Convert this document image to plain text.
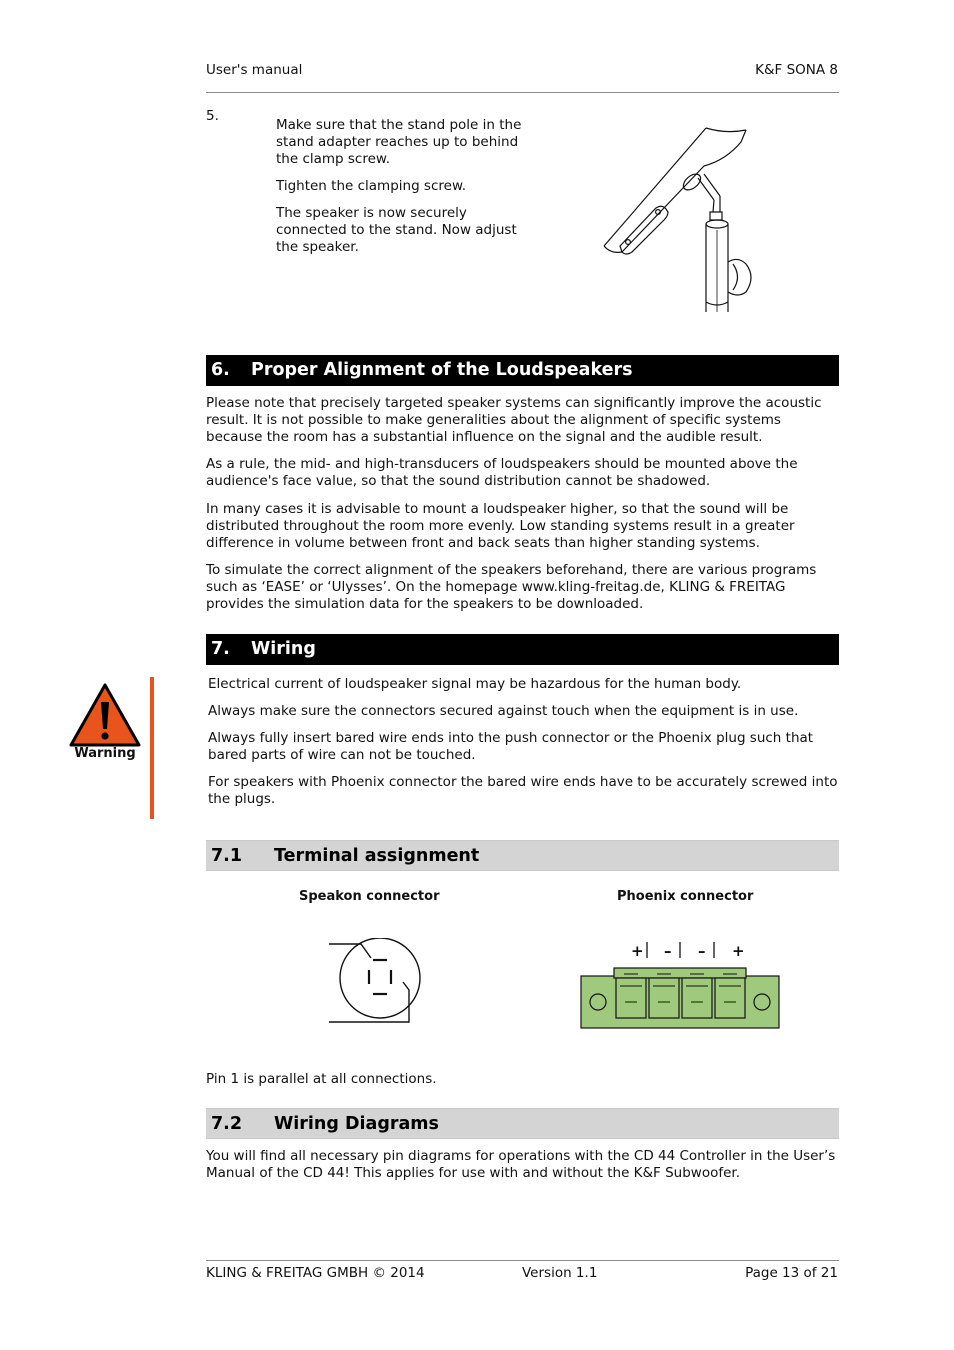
User's manual	K&F SONA 8
5.

Make sure that the stand pole in the stand adapter reaches up to behind the clamp screw.

Tighten the clamping screw.

The speaker is now securely connected to the stand. Now adjust the speaker.

6. Proper Alignment of the Loudspeakers

Please note that precisely targeted speaker systems can significantly improve the acoustic result. It is not possible to make generalities about the alignment of specific systems because the room has a substantial influence on the signal and the audible result.

As a rule, the mid- and high-transducers of loudspeakers should be mounted above the audience's face value, so that the sound distribution cannot be shadowed.

In many cases it is advisable to mount a loudspeaker higher, so that the sound will be distributed throughout the room more evenly. Low standing systems result in a greater difference in volume between front and back seats than higher standing systems.

To simulate the correct alignment of the speakers beforehand, there are various programs such as ‘EASE’ or ‘Ulysses’. On the homepage www.kling-freitag.de, KLING & FREITAG provides the simulation data for the speakers to be downloaded.

7. Wiring
Warning

Electrical current of loudspeaker signal may be hazardous for the human body.

Always make sure the connectors secured against touch when the equipment is in use.

Always fully insert bared wire ends into the push connector or the Phoenix plug such that bared parts of wire can not be touched.

For speakers with Phoenix connector the bared wire ends have to be accurately screwed into the plugs.

7.1 Terminal assignment
Speakon connector	Phoenix connector
+ – – +

Pin 1 is parallel at all connections.

7.2 Wiring Diagrams

You will find all necessary pin diagrams for operations with the CD 44 Controller in the User’s Manual of the CD 44! This applies for use with and without the K&F Subwoofer.

KLING & FREITAG GMBH © 2014	Version 1.1	Page 13 of 21
